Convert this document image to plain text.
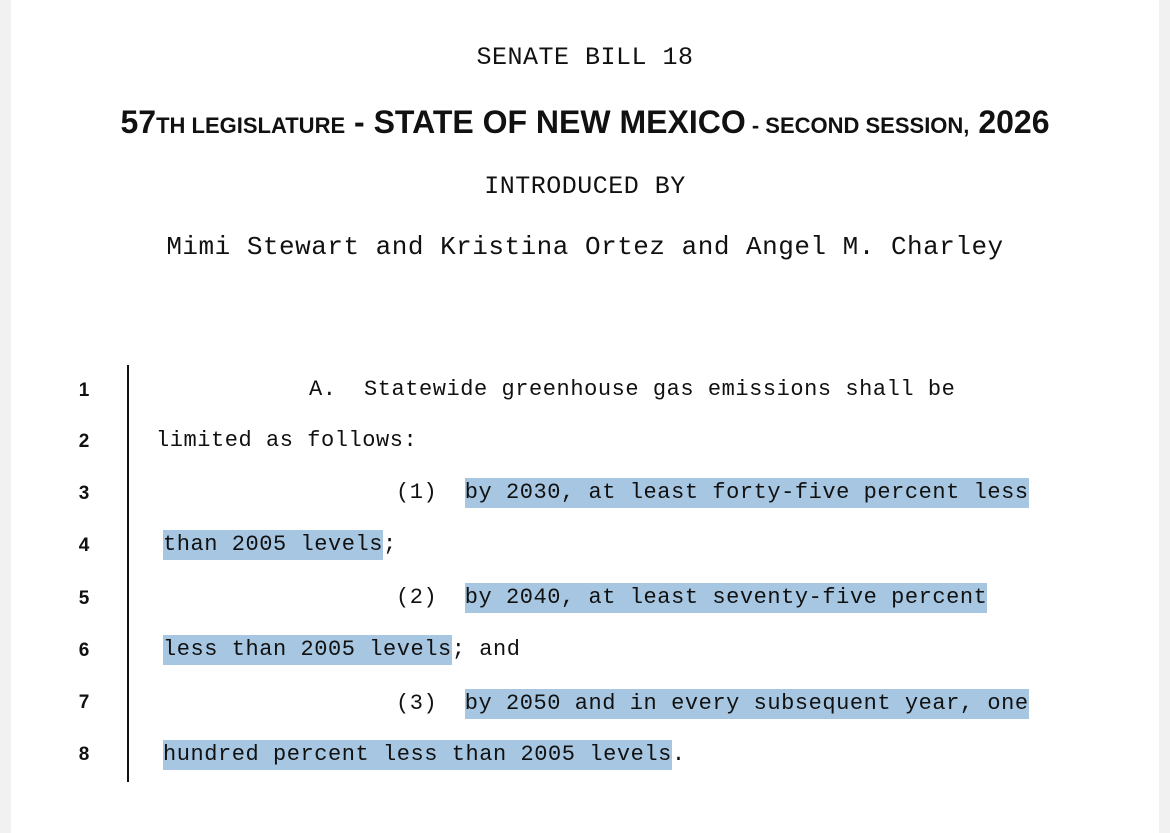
SENATE BILL 18
57TH LEGISLATURE - STATE OF NEW MEXICO - SECOND SESSION, 2026
INTRODUCED BY
Mimi Stewart and Kristina Ortez and Angel M. Charley
1
2
3
4
5
6
7
8
A. Statewide greenhouse gas emissions shall be
limited as follows:
(1) by 2030, at least forty-five percent less
than 2005 levels;
(2) by 2040, at least seventy-five percent
less than 2005 levels; and
(3) by 2050 and in every subsequent year, one
hundred percent less than 2005 levels.
